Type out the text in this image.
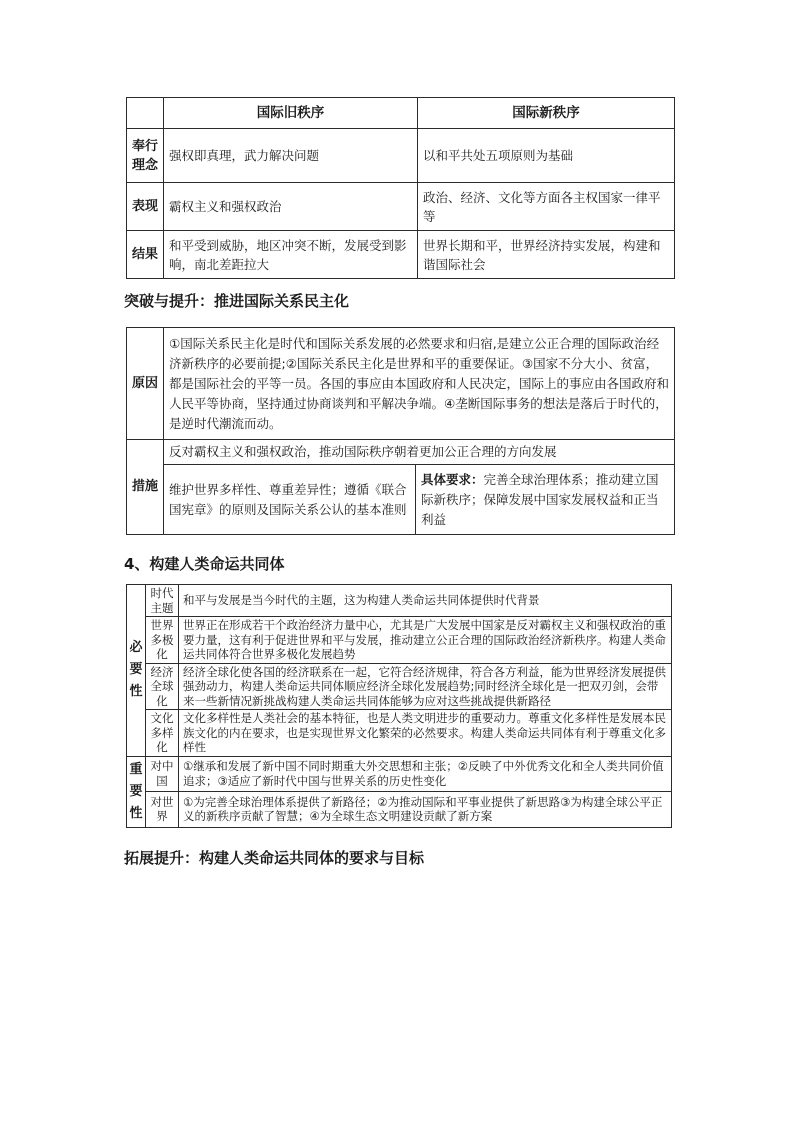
	国际旧秩序	国际新秩序
奉行理念	强权即真理，武力解决问题	以和平共处五项原则为基础
表现	霸权主义和强权政治	政治、经济、文化等方面各主权国家一律平等
结果	和平受到威胁，地区冲突不断，发展受到影响，南北差距拉大	世界长期和平，世界经济持实发展，构建和谐国际社会
突破与提升：推进国际关系民主化
原因	①国际关系民主化是时代和国际关系发展的必然要求和归宿,是建立公正合理的国际政治经济新秩序的必要前提;②国际关系民主化是世界和平的重要保证。③国家不分大小、贫富，都是国际社会的平等一员。各国的事应由本国政府和人民决定，国际上的事应由各国政府和人民平等协商，坚持通过协商谈判和平解决争端。④垄断国际事务的想法是落后于时代的，是逆时代潮流而动。	
措施	反对霸权主义和强权政治，推动国际秩序朝着更加公正合理的方向发展	
	维护世界多样性、尊重差异性；遵循《联合国宪章》的原则及国际关系公认的基本准则	具体要求：完善全球治理体系；推动建立国际新秩序；保障发展中国家发展权益和正当利益
4、构建人类命运共同体
必要性	时代主题	和平与发展是当今时代的主题，这为构建人类命运共同体提供时代背景
	世界多极化	世界正在形成若干个政治经济力量中心，尤其是广大发展中国家是反对霸权主义和强权政治的重要力量，这有利于促进世界和平与发展，推动建立公正合理的国际政治经济新秩序。构建人类命运共同体符合世界多极化发展趋势
	经济全球化	经济全球化使各国的经济联系在一起，它符合经济规律，符合各方利益，能为世界经济发展提供强劲动力，构建人类命运共同体顺应经济全球化发展趋势;同时经济全球化是一把双刃剑，会带来一些新情况新挑战构建人类命运共同体能够为应对这些挑战提供新路径
	文化多样化	文化多样性是人类社会的基本特征，也是人类文明进步的重要动力。尊重文化多样性是发展本民族文化的内在要求，也是实现世界文化繁荣的必然要求。构建人类命运共同体有利于尊重文化多样性
重要性	对中国	①继承和发展了新中国不同时期重大外交思想和主张；②反映了中外优秀文化和全人类共同价值追求；③适应了新时代中国与世界关系的历史性变化
	对世界	①为完善全球治理体系提供了新路径；②为推动国际和平事业提供了新思路③为构建全球公平正义的新秩序贡献了智慧；④为全球生态文明建设贡献了新方案
拓展提升：构建人类命运共同体的要求与目标
